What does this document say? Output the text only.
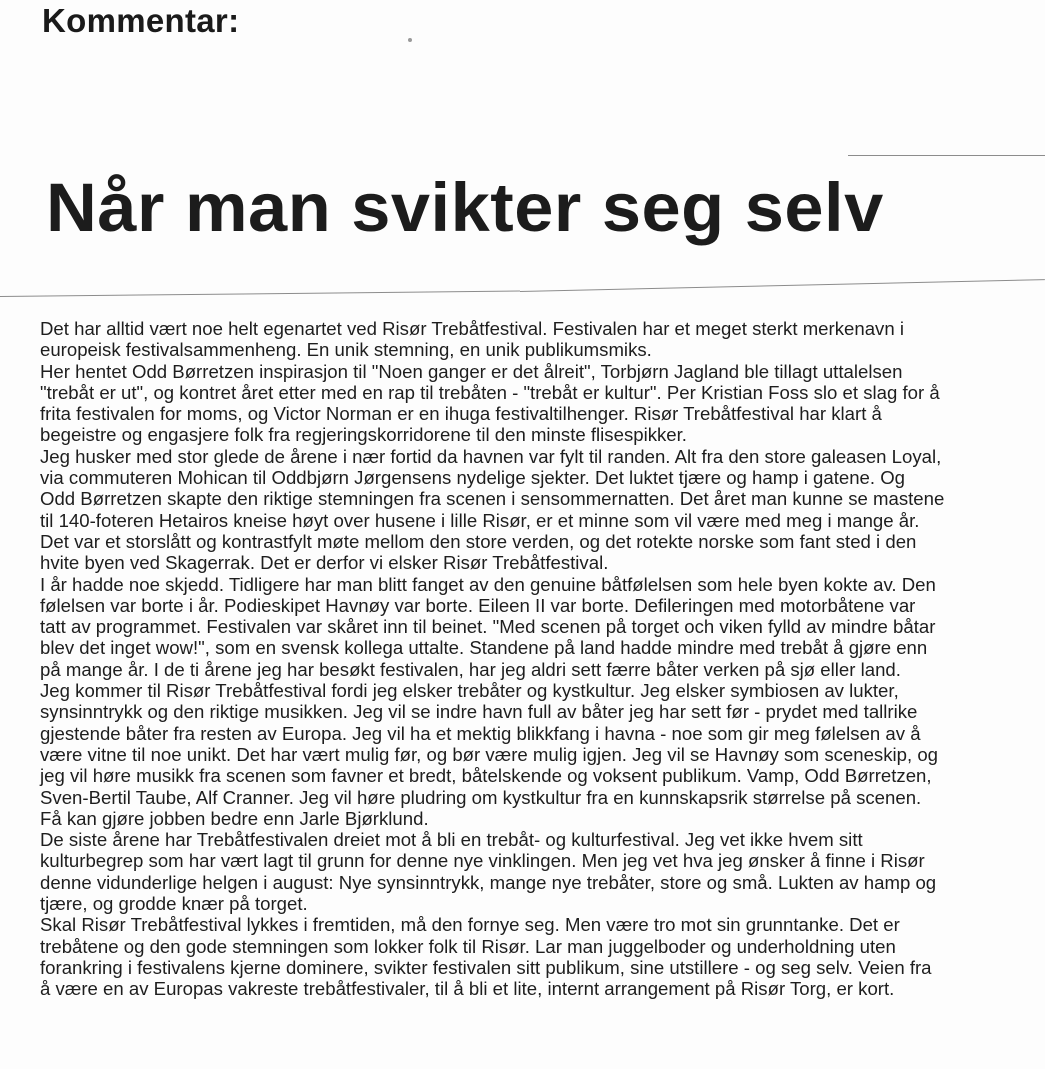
Kommentar:
Når man svikter seg selv
Det har alltid vært noe helt egenartet ved Risør Trebåtfestival. Festivalen har et meget sterkt merkenavn i
europeisk festivalsammenheng. En unik stemning, en unik publikumsmiks.
Her hentet Odd Børretzen inspirasjon til "Noen ganger er det ålreit", Torbjørn Jagland ble tillagt uttalelsen
"trebåt er ut", og kontret året etter med en rap til trebåten - "trebåt er kultur". Per Kristian Foss slo et slag for å
frita festivalen for moms, og Victor Norman er en ihuga festivaltilhenger. Risør Trebåtfestival har klart å
begeistre og engasjere folk fra regjeringskorridorene til den minste flisespikker.
Jeg husker med stor glede de årene i nær fortid da havnen var fylt til randen. Alt fra den store galeasen Loyal,
via commuteren Mohican til Oddbjørn Jørgensens nydelige sjekter. Det luktet tjære og hamp i gatene. Og
Odd Børretzen skapte den riktige stemningen fra scenen i sensommernatten. Det året man kunne se mastene
til 140-foteren Hetairos kneise høyt over husene i lille Risør, er et minne som vil være med meg i mange år.
Det var et storslått og kontrastfylt møte mellom den store verden, og det rotekte norske som fant sted i den
hvite byen ved Skagerrak. Det er derfor vi elsker Risør Trebåtfestival.
I år hadde noe skjedd. Tidligere har man blitt fanget av den genuine båtfølelsen som hele byen kokte av. Den
følelsen var borte i år. Podieskipet Havnøy var borte. Eileen II var borte. Defileringen med motorbåtene var
tatt av programmet. Festivalen var skåret inn til beinet. "Med scenen på torget och viken fylld av mindre båtar
blev det inget wow!", som en svensk kollega uttalte. Standene på land hadde mindre med trebåt å gjøre enn
på mange år. I de ti årene jeg har besøkt festivalen, har jeg aldri sett færre båter verken på sjø eller land.
Jeg kommer til Risør Trebåtfestival fordi jeg elsker trebåter og kystkultur. Jeg elsker symbiosen av lukter,
synsinntrykk og den riktige musikken. Jeg vil se indre havn full av båter jeg har sett før - prydet med tallrike
gjestende båter fra resten av Europa. Jeg vil ha et mektig blikkfang i havna - noe som gir meg følelsen av å
være vitne til noe unikt. Det har vært mulig før, og bør være mulig igjen. Jeg vil se Havnøy som sceneskip, og
jeg vil høre musikk fra scenen som favner et bredt, båtelskende og voksent publikum. Vamp, Odd Børretzen,
Sven-Bertil Taube, Alf Cranner. Jeg vil høre pludring om kystkultur fra en kunnskapsrik størrelse på scenen.
Få kan gjøre jobben bedre enn Jarle Bjørklund.
De siste årene har Trebåtfestivalen dreiet mot å bli en trebåt- og kulturfestival. Jeg vet ikke hvem sitt
kulturbegrep som har vært lagt til grunn for denne nye vinklingen. Men jeg vet hva jeg ønsker å finne i Risør
denne vidunderlige helgen i august: Nye synsinntrykk, mange nye trebåter, store og små. Lukten av hamp og
tjære, og grodde knær på torget.
Skal Risør Trebåtfestival lykkes i fremtiden, må den fornye seg. Men være tro mot sin grunntanke. Det er
trebåtene og den gode stemningen som lokker folk til Risør. Lar man juggelboder og underholdning uten
forankring i festivalens kjerne dominere, svikter festivalen sitt publikum, sine utstillere - og seg selv. Veien fra
å være en av Europas vakreste trebåtfestivaler, til å bli et lite, internt arrangement på Risør Torg, er kort.
